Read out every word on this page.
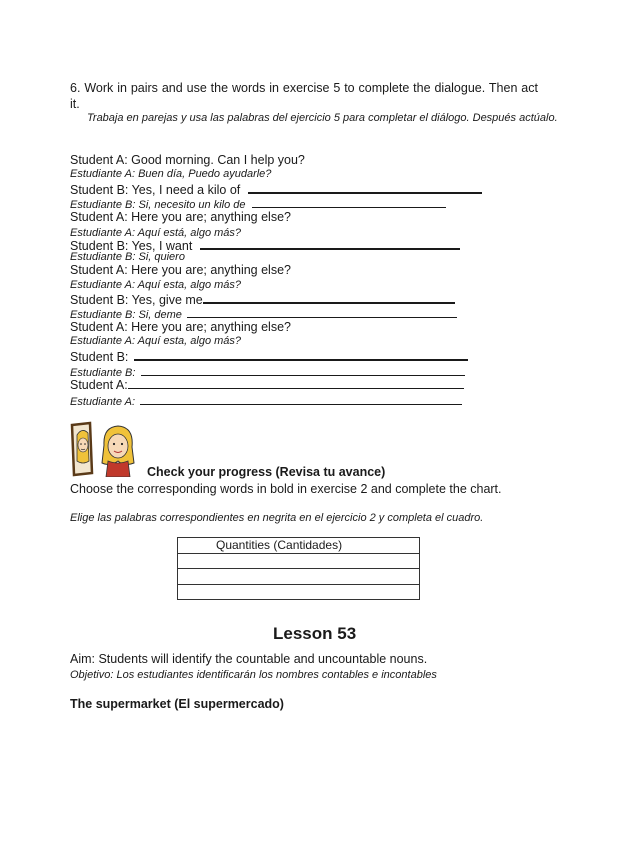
6. Work in pairs and use the words in exercise 5 to complete the dialogue. Then act it.
Trabaja en parejas y usa las palabras del ejercicio 5 para completar el diálogo. Después actúalo.
Student A: Good morning. Can I help you?
Estudiante A: Buen día, Puedo ayudarle?
Student B: Yes, I need a kilo of
Estudiante B: Si, necesito un kilo de
Student A: Here you are; anything else?
Estudiante A: Aquí está, algo más?
Student B: Yes, I want
Estudiante B: Si, quiero
Student A: Here you are; anything else?
Estudiante A: Aquí esta, algo más?
Student B: Yes, give me
Estudiante B: Si, deme
Student A: Here you are; anything else?
Estudiante A: Aquí esta, algo más?
Student B:
Estudiante B:
Student A:
Estudiante A:
Check your progress (Revisa tu avance)
Choose the corresponding words in bold in exercise 2 and complete the chart.
Elige las palabras correspondientes en negrita en el ejercicio 2 y completa el cuadro.
Quantities (Cantidades)

Lesson 53
Aim: Students will identify the countable and uncountable nouns.
Objetivo: Los estudiantes identificarán los nombres contables e incontables
The supermarket (El supermercado)
